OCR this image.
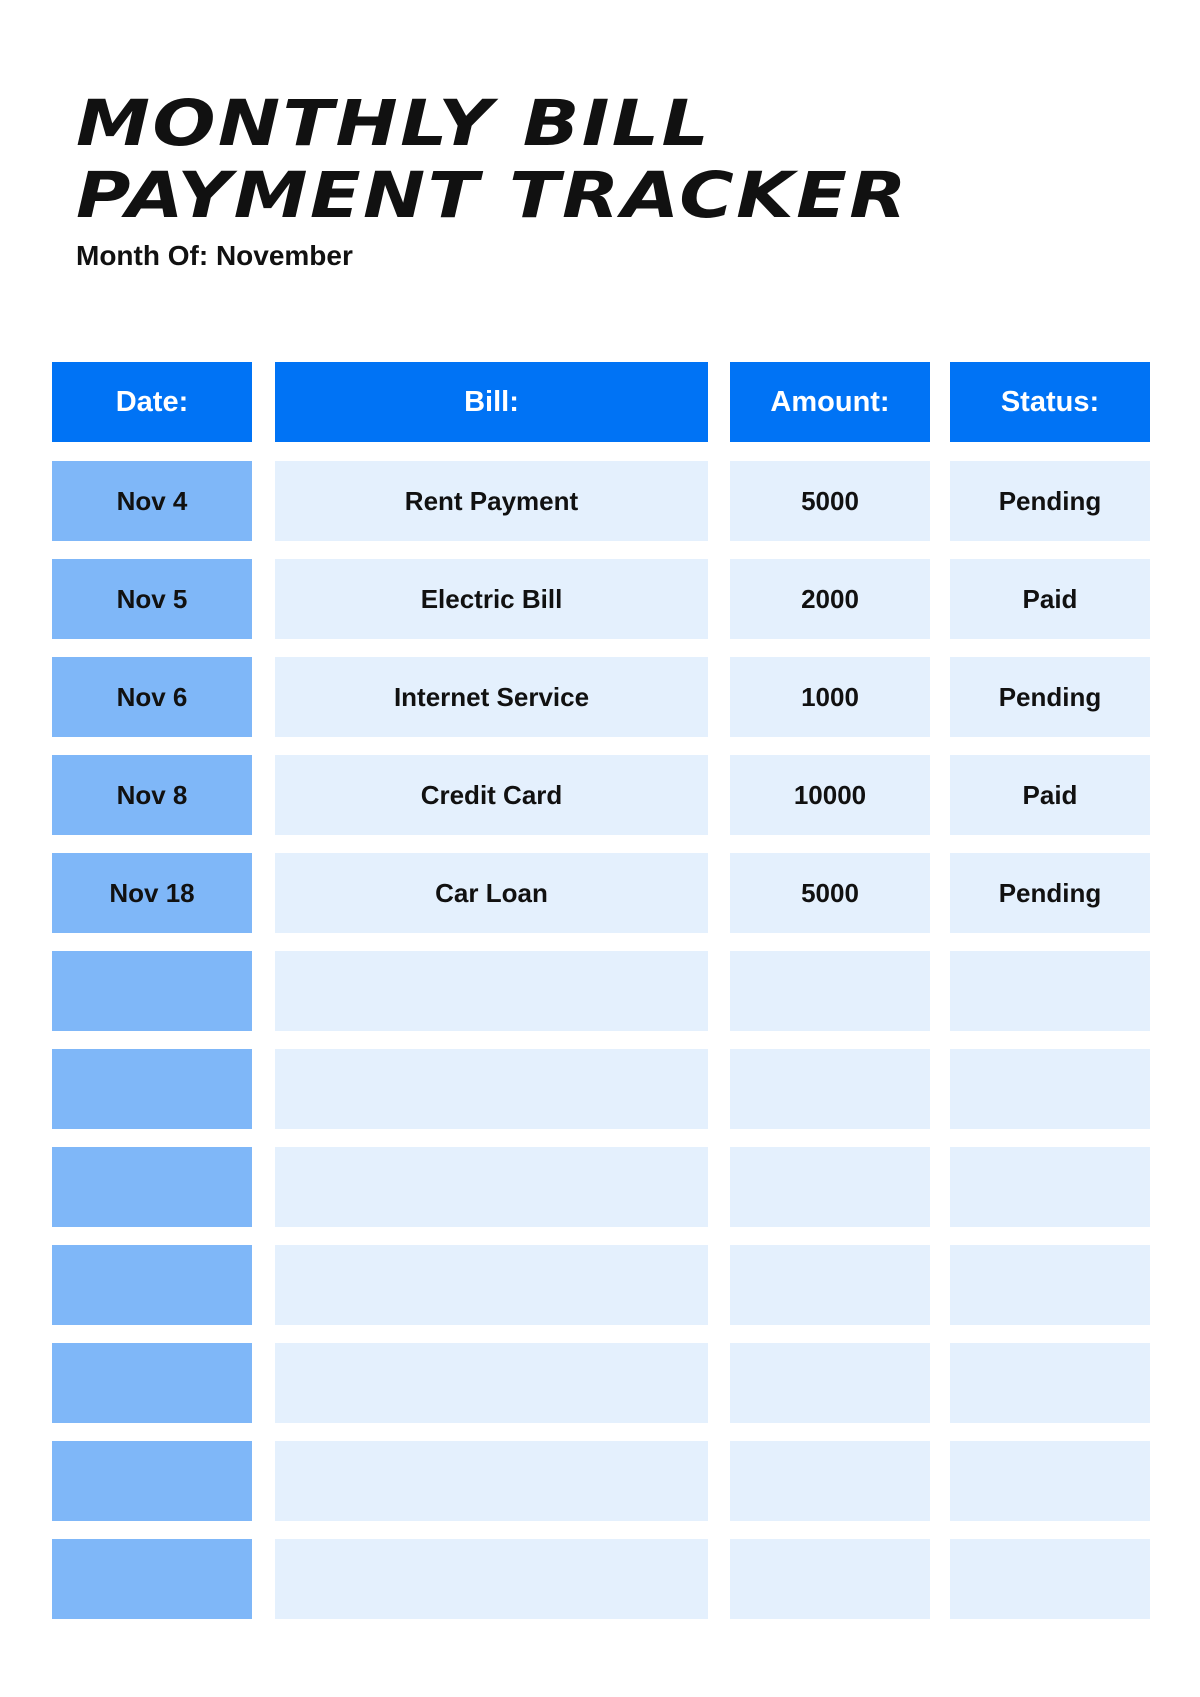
MONTHLY BILL
PAYMENT TRACKER
Month Of: November
Date:	Bill:	Amount:	Status:
Nov 4	Rent Payment	5000	Pending
Nov 5	Electric Bill	2000	Paid
Nov 6	Internet Service	1000	Pending
Nov 8	Credit Card	10000	Paid
Nov 18	Car Loan	5000	Pending
